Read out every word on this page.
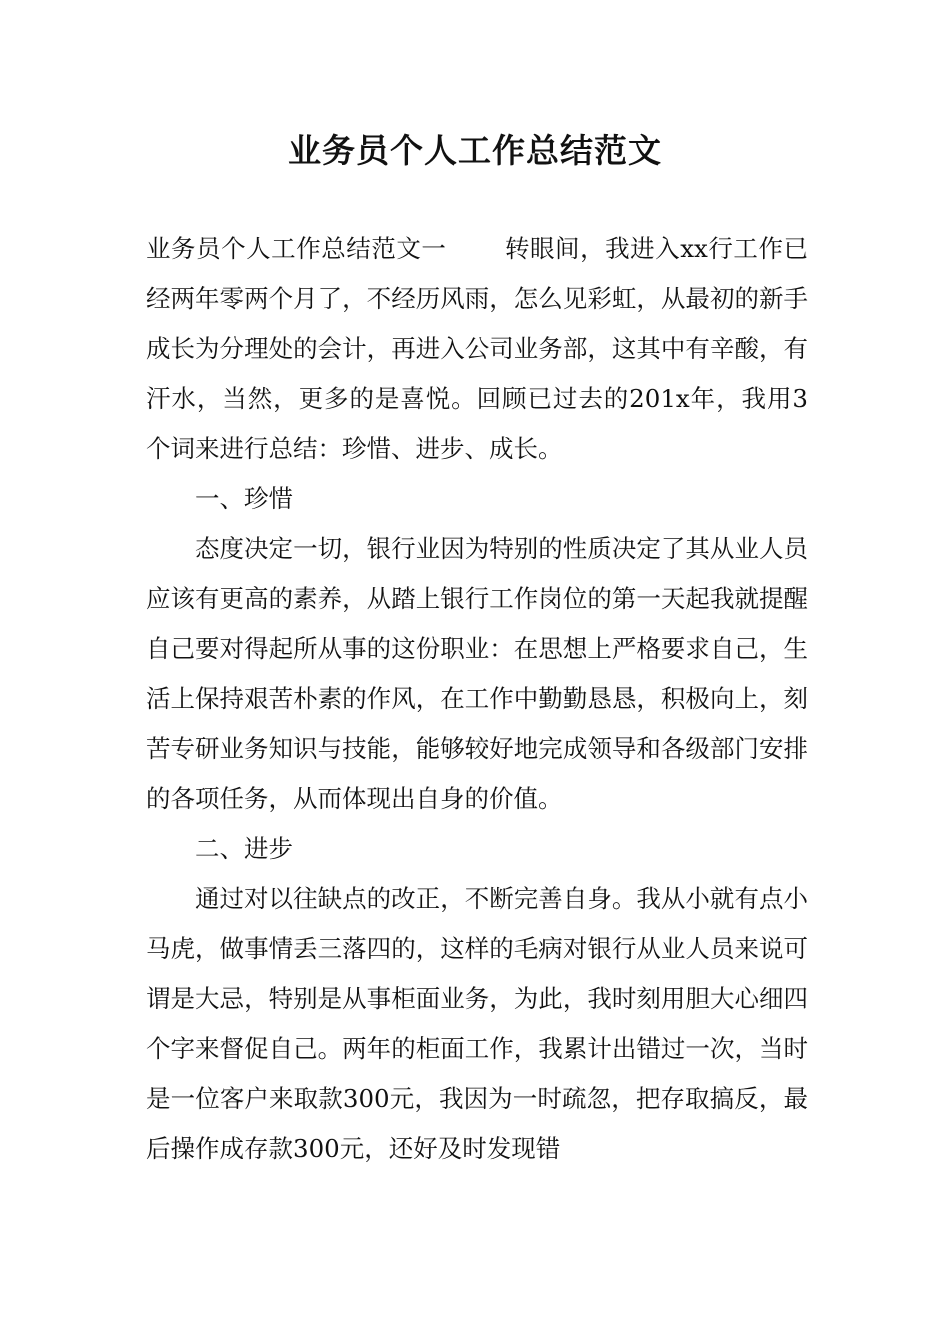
业务员个人工作总结范文

业务员个人工作总结范文一 转眼间，我进入xx行工作已经两年零两个月了，不经历风雨，怎么见彩虹，从最初的新手成长为分理处的会计，再进入公司业务部，这其中有辛酸，有汗水，当然，更多的是喜悦。回顾已过去的201x年，我用3个词来进行总结：珍惜、进步、成长。

一、珍惜

态度决定一切，银行业因为特别的性质决定了其从业人员应该有更高的素养，从踏上银行工作岗位的第一天起我就提醒自己要对得起所从事的这份职业：在思想上严格要求自己，生活上保持艰苦朴素的作风，在工作中勤勤恳恳，积极向上，刻苦专研业务知识与技能，能够较好地完成领导和各级部门安排的各项任务，从而体现出自身的价值。

二、进步

通过对以往缺点的改正，不断完善自身。我从小就有点小马虎，做事情丢三落四的，这样的毛病对银行从业人员来说可谓是大忌，特别是从事柜面业务，为此，我时刻用胆大心细四个字来督促自己。两年的柜面工作，我累计出错过一次，当时是一位客户来取款300元，我因为一时疏忽，把存取搞反，最后操作成存款300元，还好及时发现错
